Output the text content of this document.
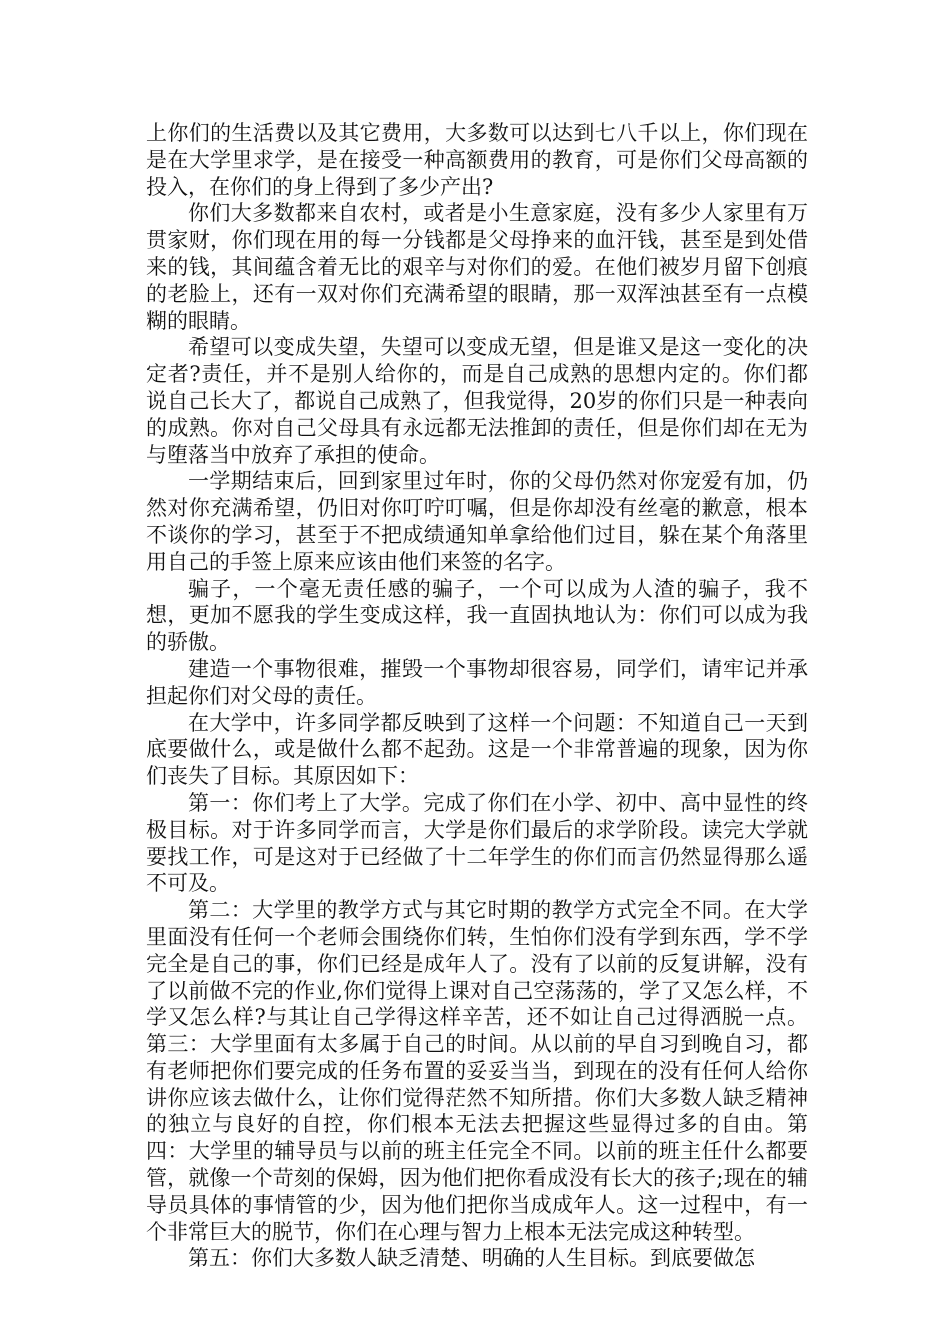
上你们的生活费以及其它费用，大多数可以达到七八千以上，你们现在是在大学里求学，是在接受一种高额费用的教育，可是你们父母高额的投入，在你们的身上得到了多少产出?

你们大多数都来自农村，或者是小生意家庭，没有多少人家里有万贯家财，你们现在用的每一分钱都是父母挣来的血汗钱，甚至是到处借来的钱，其间蕴含着无比的艰辛与对你们的爱。在他们被岁月留下创痕的老脸上，还有一双对你们充满希望的眼睛，那一双浑浊甚至有一点模糊的眼睛。

希望可以变成失望，失望可以变成无望，但是谁又是这一变化的决定者?责任，并不是别人给你的，而是自己成熟的思想内定的。你们都说自己长大了，都说自己成熟了，但我觉得，20岁的你们只是一种表向的成熟。你对自己父母具有永远都无法推卸的责任，但是你们却在无为与堕落当中放弃了承担的使命。

一学期结束后，回到家里过年时，你的父母仍然对你宠爱有加，仍然对你充满希望，仍旧对你叮咛叮嘱，但是你却没有丝毫的歉意，根本不谈你的学习，甚至于不把成绩通知单拿给他们过目，躲在某个角落里用自己的手签上原来应该由他们来签的名字。

骗子，一个毫无责任感的骗子，一个可以成为人渣的骗子，我不想，更加不愿我的学生变成这样，我一直固执地认为：你们可以成为我的骄傲。

建造一个事物很难，摧毁一个事物却很容易，同学们，请牢记并承担起你们对父母的责任。

在大学中，许多同学都反映到了这样一个问题：不知道自己一天到底要做什么，或是做什么都不起劲。这是一个非常普遍的现象，因为你们丧失了目标。其原因如下：

第一：你们考上了大学。完成了你们在小学、初中、高中显性的终极目标。对于许多同学而言，大学是你们最后的求学阶段。读完大学就要找工作，可是这对于已经做了十二年学生的你们而言仍然显得那么遥不可及。

第二：大学里的教学方式与其它时期的教学方式完全不同。在大学里面没有任何一个老师会围绕你们转，生怕你们没有学到东西，学不学完全是自己的事，你们已经是成年人了。没有了以前的反复讲解，没有了以前做不完的作业,你们觉得上课对自己空荡荡的，学了又怎么样，不学又怎么样?与其让自己学得这样辛苦，还不如让自己过得洒脱一点。第三：大学里面有太多属于自己的时间。从以前的早自习到晚自习，都有老师把你们要完成的任务布置的妥妥当当，到现在的没有任何人给你讲你应该去做什么，让你们觉得茫然不知所措。你们大多数人缺乏精神的独立与良好的自控，你们根本无法去把握这些显得过多的自由。第四：大学里的辅导员与以前的班主任完全不同。以前的班主任什么都要管，就像一个苛刻的保姆，因为他们把你看成没有长大的孩子;现在的辅导员具体的事情管的少，因为他们把你当成成年人。这一过程中，有一个非常巨大的脱节，你们在心理与智力上根本无法完成这种转型。

第五：你们大多数人缺乏清楚、明确的人生目标。到底要做怎
